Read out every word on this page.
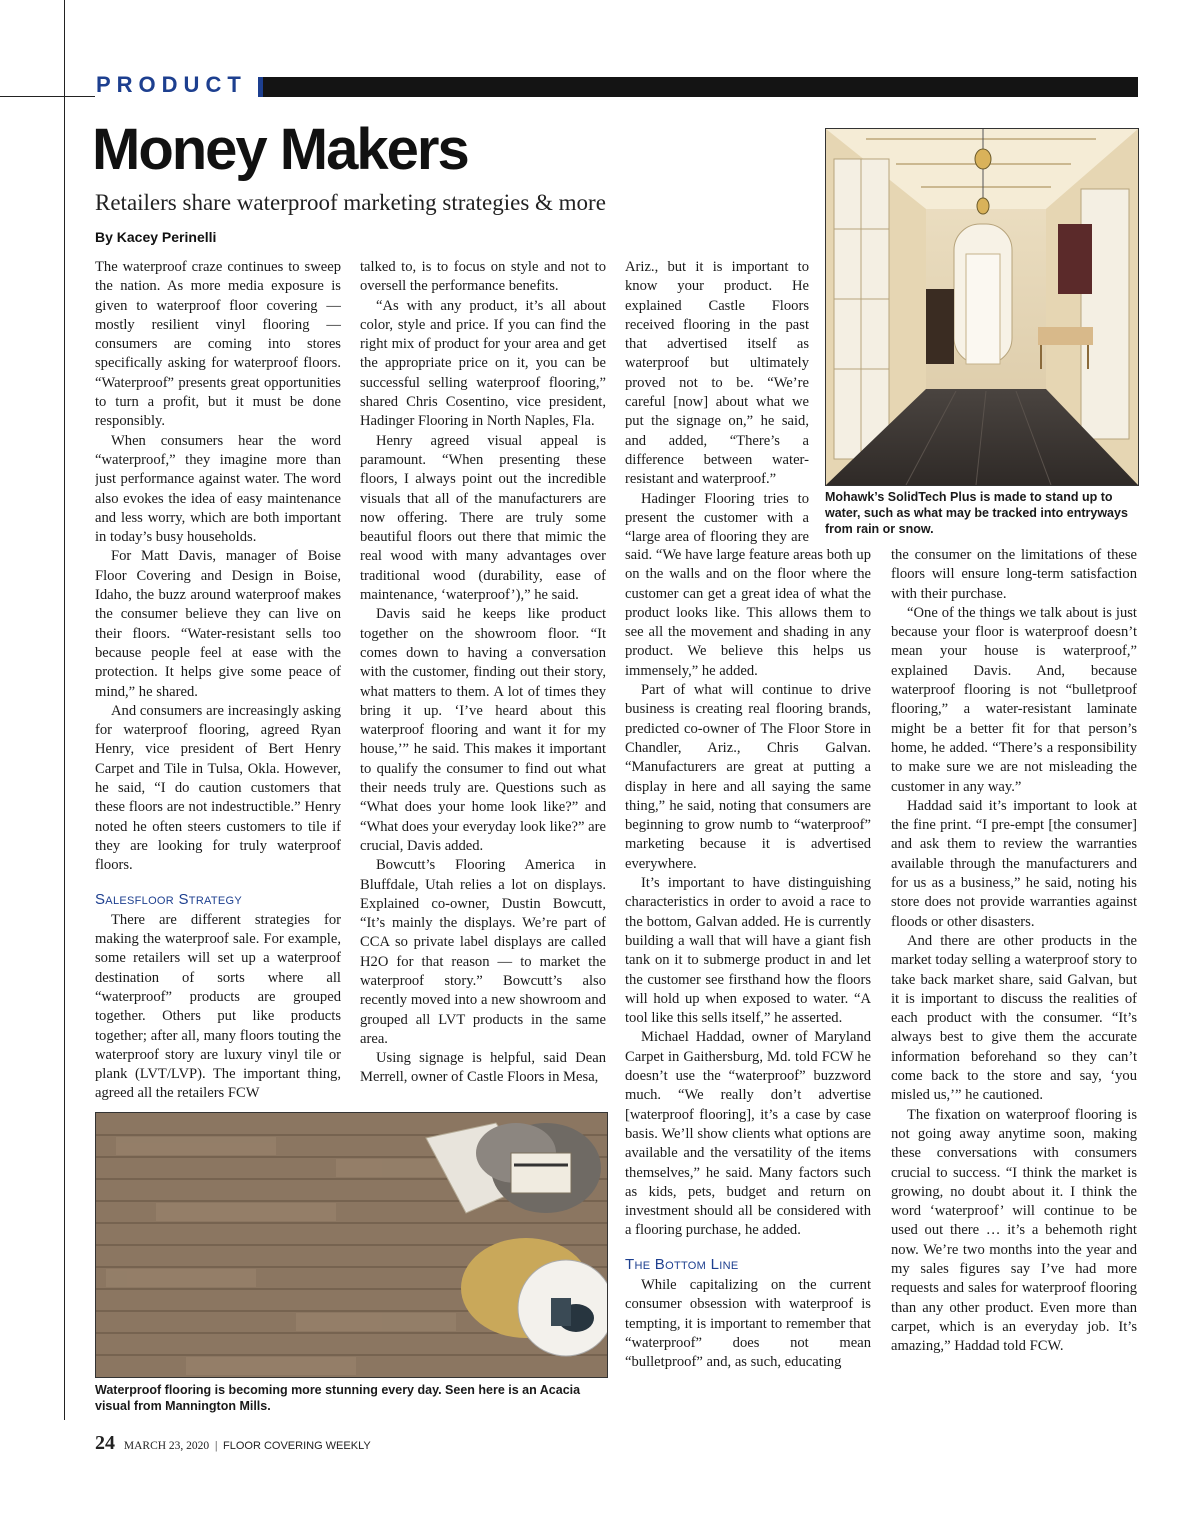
PRODUCT
Money Makers
Retailers share waterproof marketing strategies & more
By Kacey Perinelli

The waterproof craze continues to sweep the nation. As more media exposure is given to waterproof floor covering — mostly resilient vinyl flooring — consumers are coming into stores specifically asking for waterproof floors. “Waterproof” presents great opportunities to turn a profit, but it must be done responsibly.

When consumers hear the word “waterproof,” they imagine more than just performance against water. The word also evokes the idea of easy maintenance and less worry, which are both important in today’s busy households.

For Matt Davis, manager of Boise Floor Covering and Design in Boise, Idaho, the buzz around waterproof makes the consumer believe they can live on their floors. “Water-resistant sells too because people feel at ease with the protection. It helps give some peace of mind,” he shared.

And consumers are increasingly asking for waterproof flooring, agreed Ryan Henry, vice president of Bert Henry Carpet and Tile in Tulsa, Okla. However, he said, “I do caution customers that these floors are not indestructible.” Henry noted he often steers customers to tile if they are looking for truly waterproof floors.

Salesfloor Strategy

There are different strategies for making the waterproof sale. For example, some retailers will set up a waterproof destination of sorts where all “waterproof” products are grouped together. Others put like products together; after all, many floors touting the waterproof story are luxury vinyl tile or plank (LVT/LVP). The important thing, agreed all the retailers FCW

talked to, is to focus on style and not to oversell the performance benefits.

“As with any product, it’s all about color, style and price. If you can find the right mix of product for your area and get the appropriate price on it, you can be successful selling waterproof flooring,” shared Chris Cosentino, vice president, Hadinger Flooring in North Naples, Fla.

Henry agreed visual appeal is paramount. “When presenting these floors, I always point out the incredible visuals that all of the manufacturers are now offering. There are truly some beautiful floors out there that mimic the real wood with many advantages over traditional wood (durability, ease of maintenance, ‘waterproof’),” he said.

Davis said he keeps like product together on the showroom floor. “It comes down to having a conversation with the customer, finding out their story, what matters to them. A lot of times they bring it up. ‘I’ve heard about this waterproof flooring and want it for my house,’” he said. This makes it important to qualify the consumer to find out what their needs truly are. Questions such as “What does your home look like?” and “What does your everyday look like?” are crucial, Davis added.

Bowcutt’s Flooring America in Bluffdale, Utah relies a lot on displays. Explained co-owner, Dustin Bowcutt, “It’s mainly the displays. We’re part of CCA so private label displays are called H2O for that reason — to market the waterproof story.” Bowcutt’s also recently moved into a new showroom and grouped all LVT products in the same area.

Using signage is helpful, said Dean Merrell, owner of Castle Floors in Mesa,

Ariz., but it is important to know your product. He explained Castle Floors received flooring in the past that advertised itself as waterproof but ultimately proved not to be. “We’re careful [now] about what we put the signage on,” he said, and added, “There’s a difference between water-resistant and waterproof.”

Hadinger Flooring tries to present the customer with a “large area of flooring they are

said. “We have large feature areas both up on the walls and on the floor where the customer can get a great idea of what the product looks like. This allows them to see all the movement and shading in any product. We believe this helps us immensely,” he added.

Part of what will continue to drive business is creating real flooring brands, predicted co-owner of The Floor Store in Chandler, Ariz., Chris Galvan. “Manufacturers are great at putting a display in here and all saying the same thing,” he said, noting that consumers are beginning to grow numb to “waterproof” marketing because it is advertised everywhere.

It’s important to have distinguishing characteristics in order to avoid a race to the bottom, Galvan added. He is currently building a wall that will have a giant fish tank on it to submerge product in and let the customer see firsthand how the floors will hold up when exposed to water. “A tool like this sells itself,” he asserted.

Michael Haddad, owner of Maryland Carpet in Gaithersburg, Md. told FCW he doesn’t use the “waterproof” buzzword much. “We really don’t advertise [waterproof flooring], it’s a case by case basis. We’ll show clients what options are available and the versatility of the items themselves,” he said. Many factors such as kids, pets, budget and return on investment should all be considered with a flooring purchase, he added.

The Bottom Line

While capitalizing on the current consumer obsession with waterproof is tempting, it is important to remember that “waterproof” does not mean “bulletproof” and, as such, educating

the consumer on the limitations of these floors will ensure long-term satisfaction with their purchase.

“One of the things we talk about is just because your floor is waterproof doesn’t mean your house is waterproof,” explained Davis. And, because waterproof flooring is not “bulletproof flooring,” a water-resistant laminate might be a better fit for that person’s home, he added. “There’s a responsibility to make sure we are not misleading the customer in any way.”

Haddad said it’s important to look at the fine print. “I pre-empt [the consumer] and ask them to review the warranties available through the manufacturers and for us as a business,” he said, noting his store does not provide warranties against floods or other disasters.

And there are other products in the market today selling a waterproof story to take back market share, said Galvan, but it is important to discuss the realities of each product with the consumer. “It’s always best to give them the accurate information beforehand so they can’t come back to the store and say, ‘you misled us,’” he cautioned.

The fixation on waterproof flooring is not going away anytime soon, making these conversations with consumers crucial to success. “I think the market is growing, no doubt about it. I think the word ‘waterproof’ will continue to be used out there … it’s a behemoth right now. We’re two months into the year and my sales figures say I’ve had more requests and sales for waterproof flooring than any other product. Even more than carpet, which is an everyday job. It’s amazing,” Haddad told FCW.

Mohawk’s SolidTech Plus is made to stand up to water, such as what may be tracked into entryways from rain or snow.
Waterproof flooring is becoming more stunning every day. Seen here is an Acacia visual from Mannington Mills.
24 MARCH 23, 2020 | FLOOR COVERING WEEKLY
